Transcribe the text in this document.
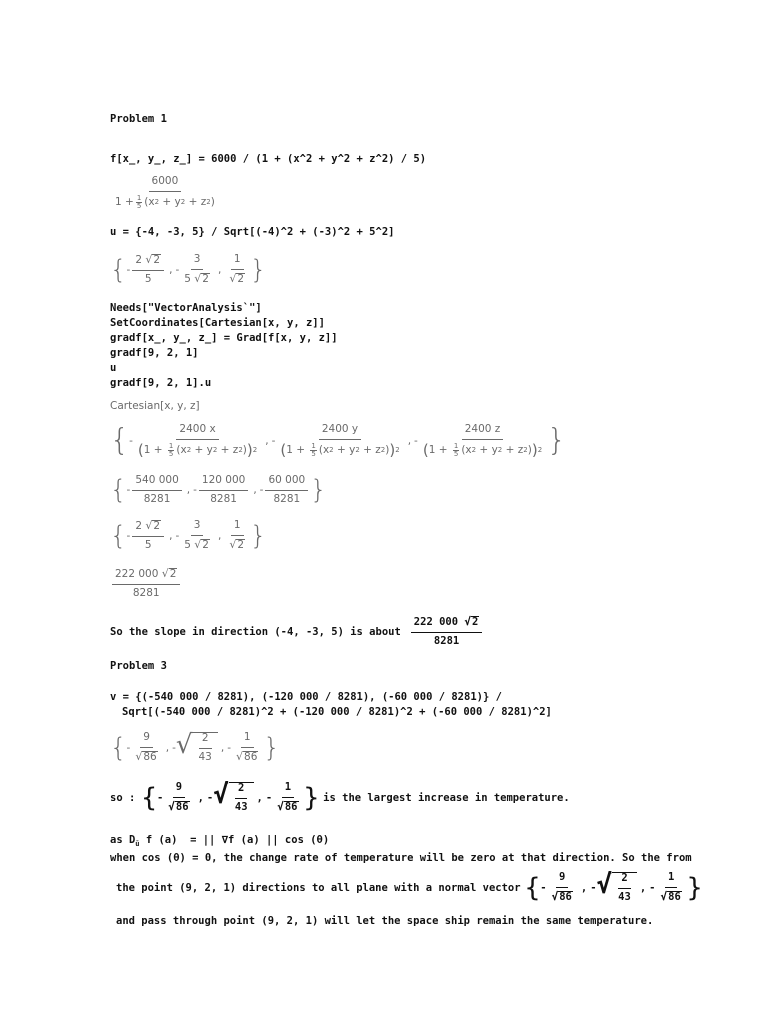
Problem 1
f[x_, y_, z_] = 6000 / (1 + (x^2 + y^2 + z^2) / 5)
$\frac{6000}{1 + \frac{1}{5} (x 2 + y 2 + z 2 )}$
u = {-4, -3, 5} / Sqrt[(-4)^2 + (-3)^2 + 5^2]
{ - $\frac{2 √ 2}{5}$ , - $\frac{3}{5 √ 2}$ , $\frac{1}{√ 2}$ }
Needs["VectorAnalysis`"]
SetCoordinates[Cartesian[x, y, z]]
gradf[x_, y_, z_] = Grad[f[x, y, z]]
gradf[9, 2, 1]
u
gradf[9, 2, 1].u
Cartesian[x, y, z]
{ - $\frac{2400 x}{( 1 + \frac{1}{5} (x 2 + y 2 + z 2 ) ) 2}$ , - $\frac{2400 y}{( 1 + \frac{1}{5} (x 2 + y 2 + z 2 ) ) 2}$ , - $\frac{2400 z}{( 1 + \frac{1}{5} (x 2 + y 2 + z 2 ) ) 2}$ }
{ - $\frac{540 000}{8281}$ , - $\frac{120 000}{8281}$ , - $\frac{60 000}{8281}$ }
{ - $\frac{2 √ 2}{5}$ , - $\frac{3}{5 √ 2}$ , $\frac{1}{√ 2}$ }
$\frac{222 000 √ 2}{8281}$
So the slope in direction (-4, -3, 5) is about $\frac{222 000 √ 2}{8281}$
Problem 3
v = {(-540 000 / 8281), (-120 000 / 8281), (-60 000 / 8281)} /
Sqrt[(-540 000 / 8281)^2 + (-120 000 / 8281)^2 + (-60 000 / 8281)^2]
{ - $\frac{9}{√ 86}$ , - √ $\frac{2}{43}$ , - $\frac{1}{√ 86}$ }
so : { - $\frac{9}{√ 86}$ , - √ $\frac{2}{43}$ , - $\frac{1}{√ 86}$ } is the largest increase in temperature.
as $D_ū$ f (a)  = || ∇f (a) || cos (θ)
when cos (θ) = 0, the change rate of temperature will be zero at that direction. So the from
the point (9, 2, 1) directions to all plane with a normal vector { - $\frac{9}{√ 86}$ , - √ $\frac{2}{43}$ , - $\frac{1}{√ 86}$ }
and pass through point (9, 2, 1) will let the space ship remain the same temperature.
